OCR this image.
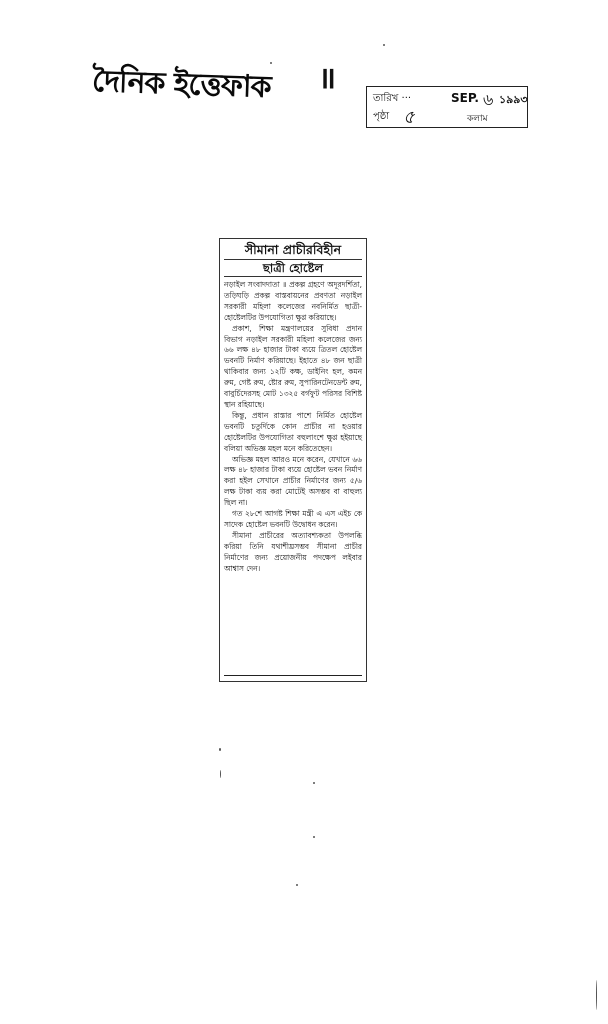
দৈনিক ইত্তেফাক ॥
তারিখ ···	SEP. ৬ ১৯৯৩
পৃষ্ঠা ৫	কলাম
সীমানা প্রাচীরবিহীন
ছাত্রী হোষ্টেল

নড়াইল সংবাদদাতা ॥ প্রকল্প গ্রহণে অদূরদর্শিতা, তড়িঘড়ি প্রকল্প বাস্তবায়নের প্রবণতা নড়াইল সরকারী মহিলা কলেজের নবনির্মিত ছাত্রী-হোষ্টেলটির উপযোগিতা ক্ষুণ্ণ করিয়াছে।

প্রকাশ, শিক্ষা মন্ত্রণালয়ের সুবিধা প্রদান বিভাগ নড়াইল সরকারী মহিলা কলেজের জন্য ৬৬ লক্ষ ৪৮ হাজার টাকা ব্যয়ে ত্রিতল হোষ্টেল ভবনটি নির্মাণ করিয়াছে। ইহাতে ৪৮ জন ছাত্রী থাকিবার জন্য ১২টি কক্ষ, ডাইনিং হল, কমন রুম, গেষ্ট রুম, ষ্টোর রুম, সুপারিনটেনডেন্ট রুম, বাবুর্চিদেরসহ মোট ১৩২৫ বর্গফুট পরিসর বিশিষ্ট স্থান রহিয়াছে।

কিন্তু, প্রধান রাস্তার পাশে নির্মিত হোষ্টেল ভবনটি চতুর্দিকে কোন প্রাচীর না হওয়ার হোষ্টেলটির উপযোগিতা বহুলাংশে ক্ষুণ্ণ হইয়াছে বলিয়া অভিজ্ঞ মহল মনে করিতেছেন।

অভিজ্ঞ মহল আরও মনে করেন, যেখানে ৬৬ লক্ষ ৪৮ হাজার টাকা ব্যয়ে হোষ্টেল ভবন নির্মাণ করা হইল সেখানে প্রাচীর নির্মাণের জন্য ৫/৬ লক্ষ টাকা ব্যয় করা মোটেই অসম্ভব বা বাহুল্য ছিল না।

গত ২৮শে আগষ্ট শিক্ষা মন্ত্রী এ এস এইচ কে সাদেক হোষ্টেল ভবনটি উদ্বোধন করেন।

সীমানা প্রাচীরের অত্যাবশ্যকতা উপলব্ধি করিয়া তিনি যথাশীঘ্রসম্ভব সীমানা প্রাচীর নির্মাণের জন্য প্রয়োজনীয় পদক্ষেপ লইবার আশ্বাস দেন।
